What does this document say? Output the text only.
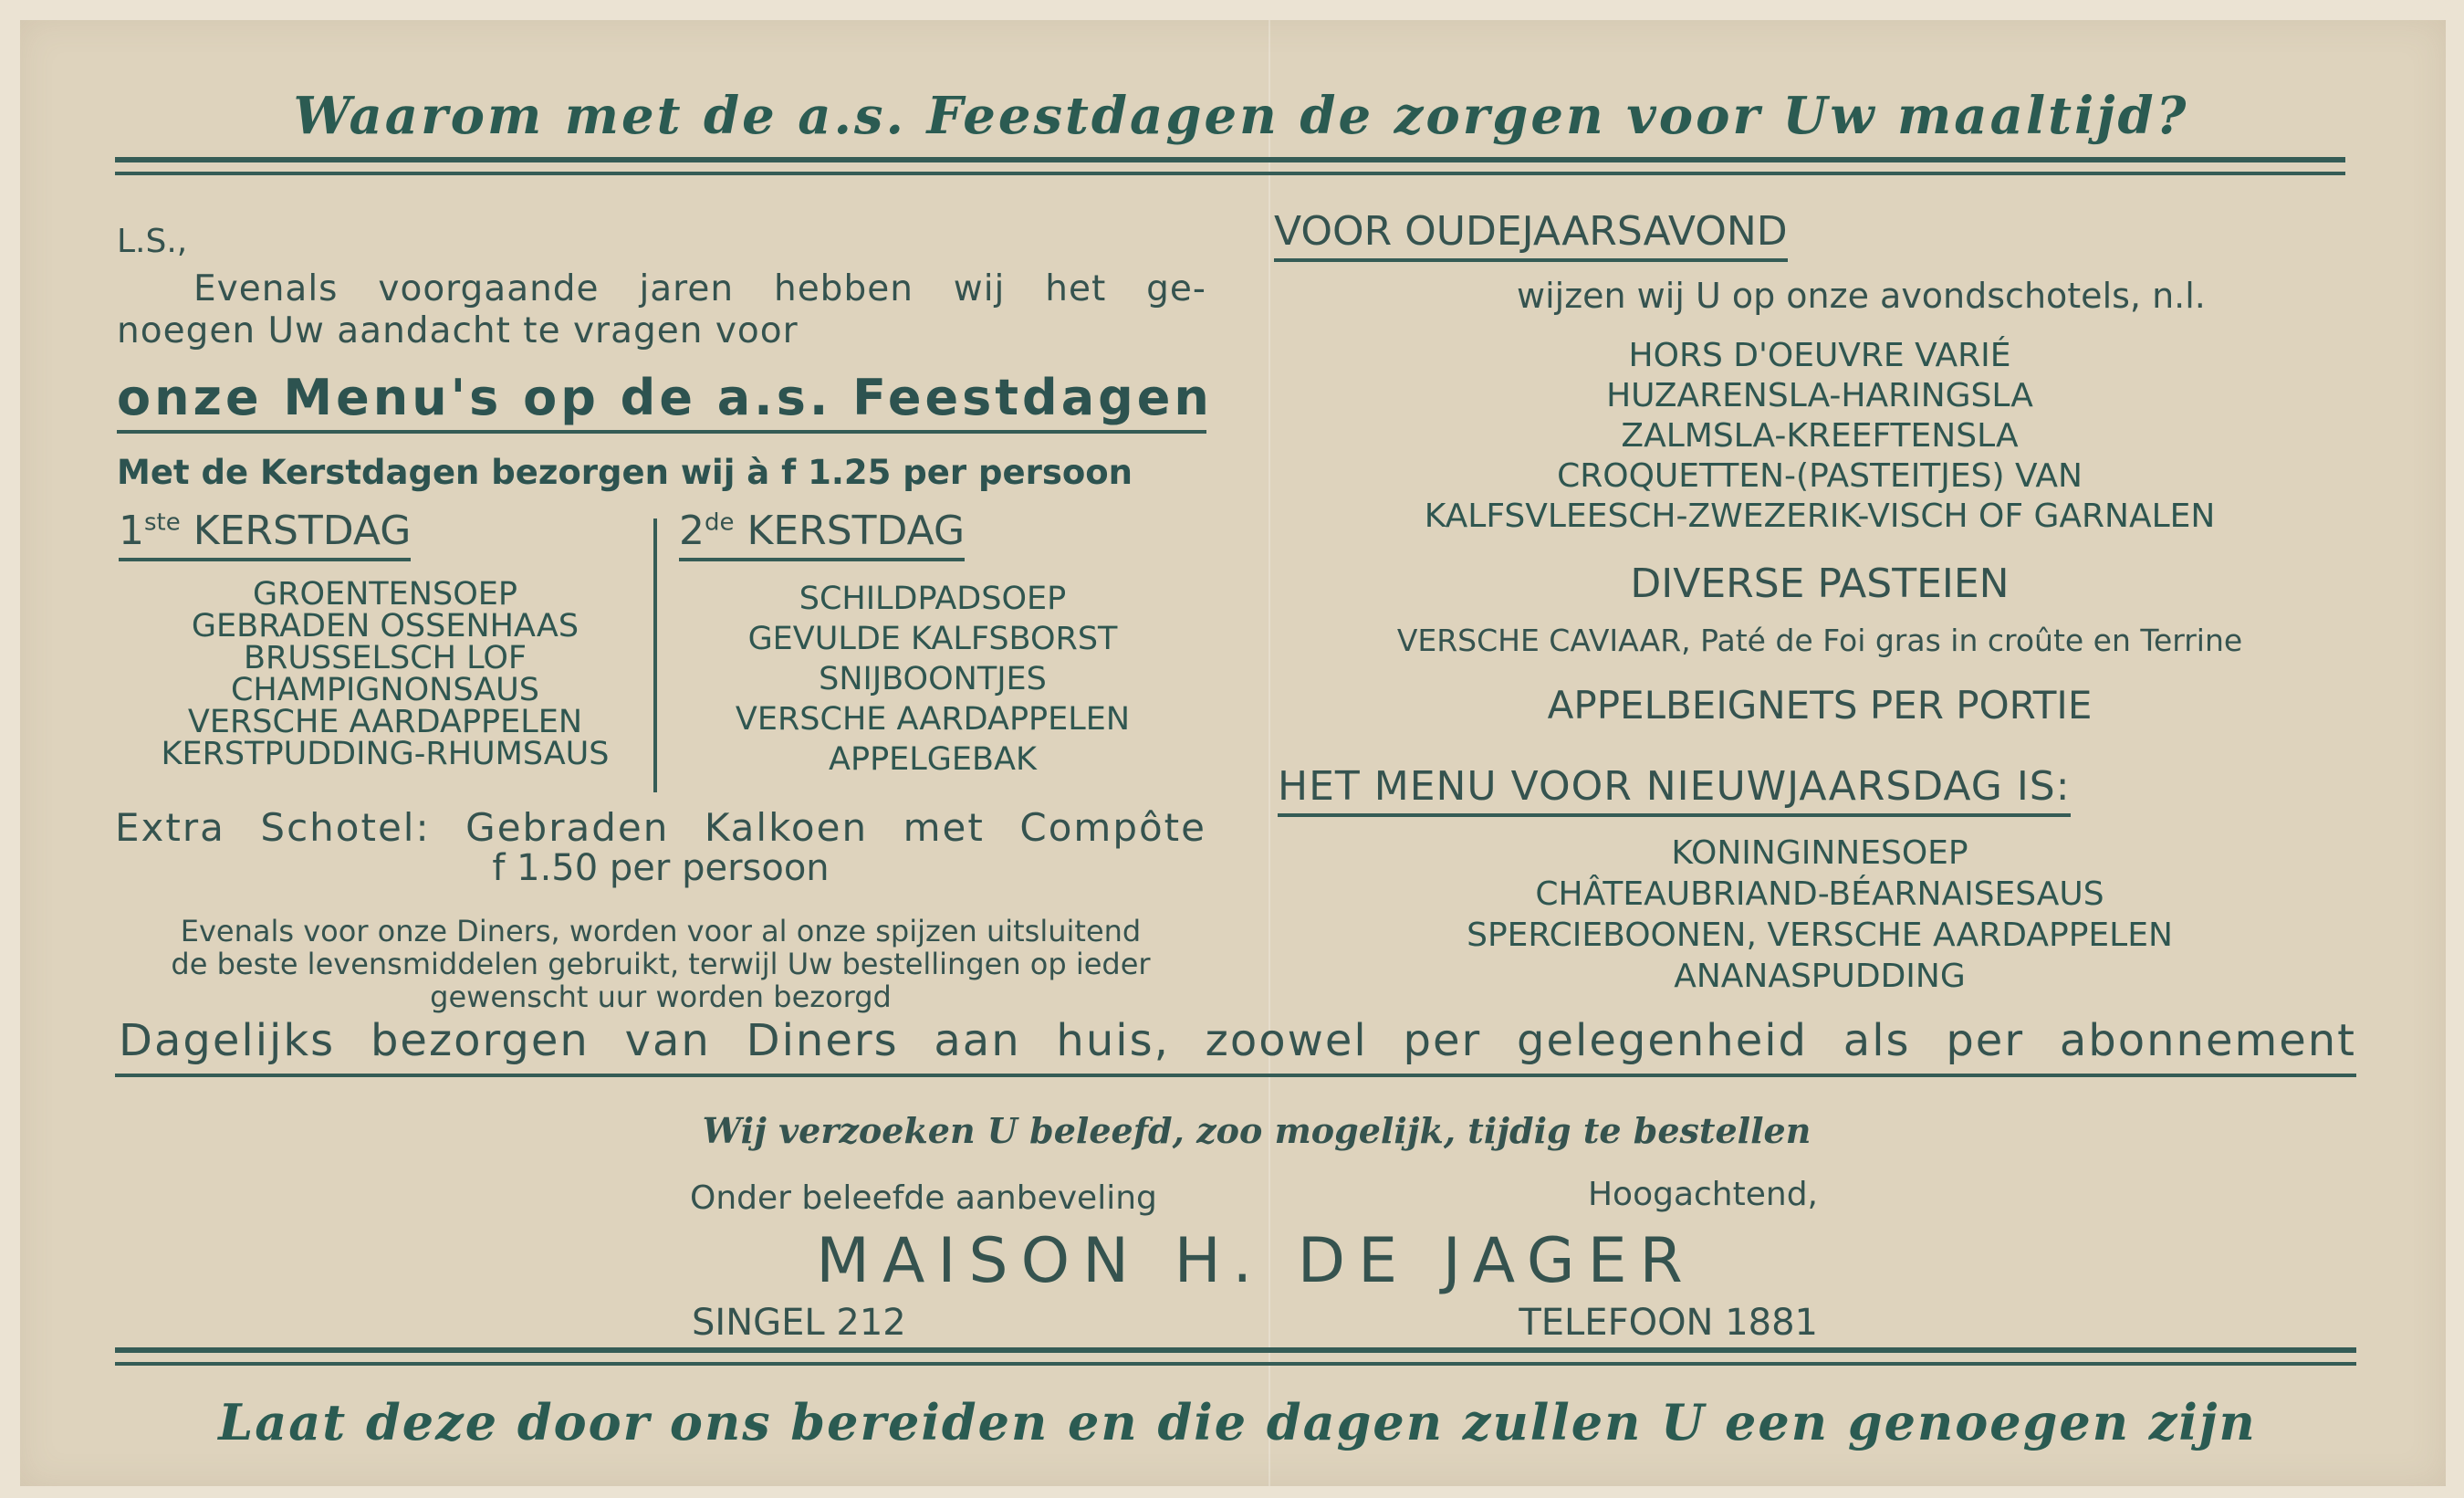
Waarom met de a.s. Feestdagen de zorgen voor Uw maaltijd?
L.S.,
Evenals voorgaande jaren hebben wij het ge-
noegen Uw aandacht te vragen voor
onze Menu's op de a.s. Feestdagen
Met de Kerstdagen bezorgen wij à f 1.25 per persoon
1ste KERSTDAG
GROENTENSOEP
GEBRADEN OSSENHAAS
BRUSSELSCH LOF
CHAMPIGNONSAUS
VERSCHE AARDAPPELEN
KERSTPUDDING-RHUMSAUS
2de KERSTDAG
SCHILDPADSOEP
GEVULDE KALFSBORST
SNIJBOONTJES
VERSCHE AARDAPPELEN
APPELGEBAK
Extra Schotel: Gebraden Kalkoen met Compôte
f 1.50 per persoon
Evenals voor onze Diners, worden voor al onze spijzen uitsluitend
de beste levensmiddelen gebruikt, terwijl Uw bestellingen op ieder
gewenscht uur worden bezorgd
VOOR OUDEJAARSAVOND
wijzen wij U op onze avondschotels, n.l.
HORS D'OEUVRE VARIÉ
HUZARENSLA-HARINGSLA
ZALMSLA-KREEFTENSLA
CROQUETTEN-(PASTEITJES) VAN
KALFSVLEESCH-ZWEZERIK-VISCH OF GARNALEN
DIVERSE PASTEIEN
VERSCHE CAVIAAR, Paté de Foi gras in croûte en Terrine
APPELBEIGNETS PER PORTIE
HET MENU VOOR NIEUWJAARSDAG IS:
KONINGINNESOEP
CHÂTEAUBRIAND-BÉARNAISESAUS
SPERCIEBOONEN, VERSCHE AARDAPPELEN
ANANASPUDDING
Dagelijks bezorgen van Diners aan huis, zoowel per gelegenheid als per abonnement
Wij verzoeken U beleefd, zoo mogelijk, tijdig te bestellen
Onder beleefde aanbeveling	Hoogachtend,
MAISON H. DE JAGER
SINGEL 212	TELEFOON 1881
Laat deze door ons bereiden en die dagen zullen U een genoegen zijn
